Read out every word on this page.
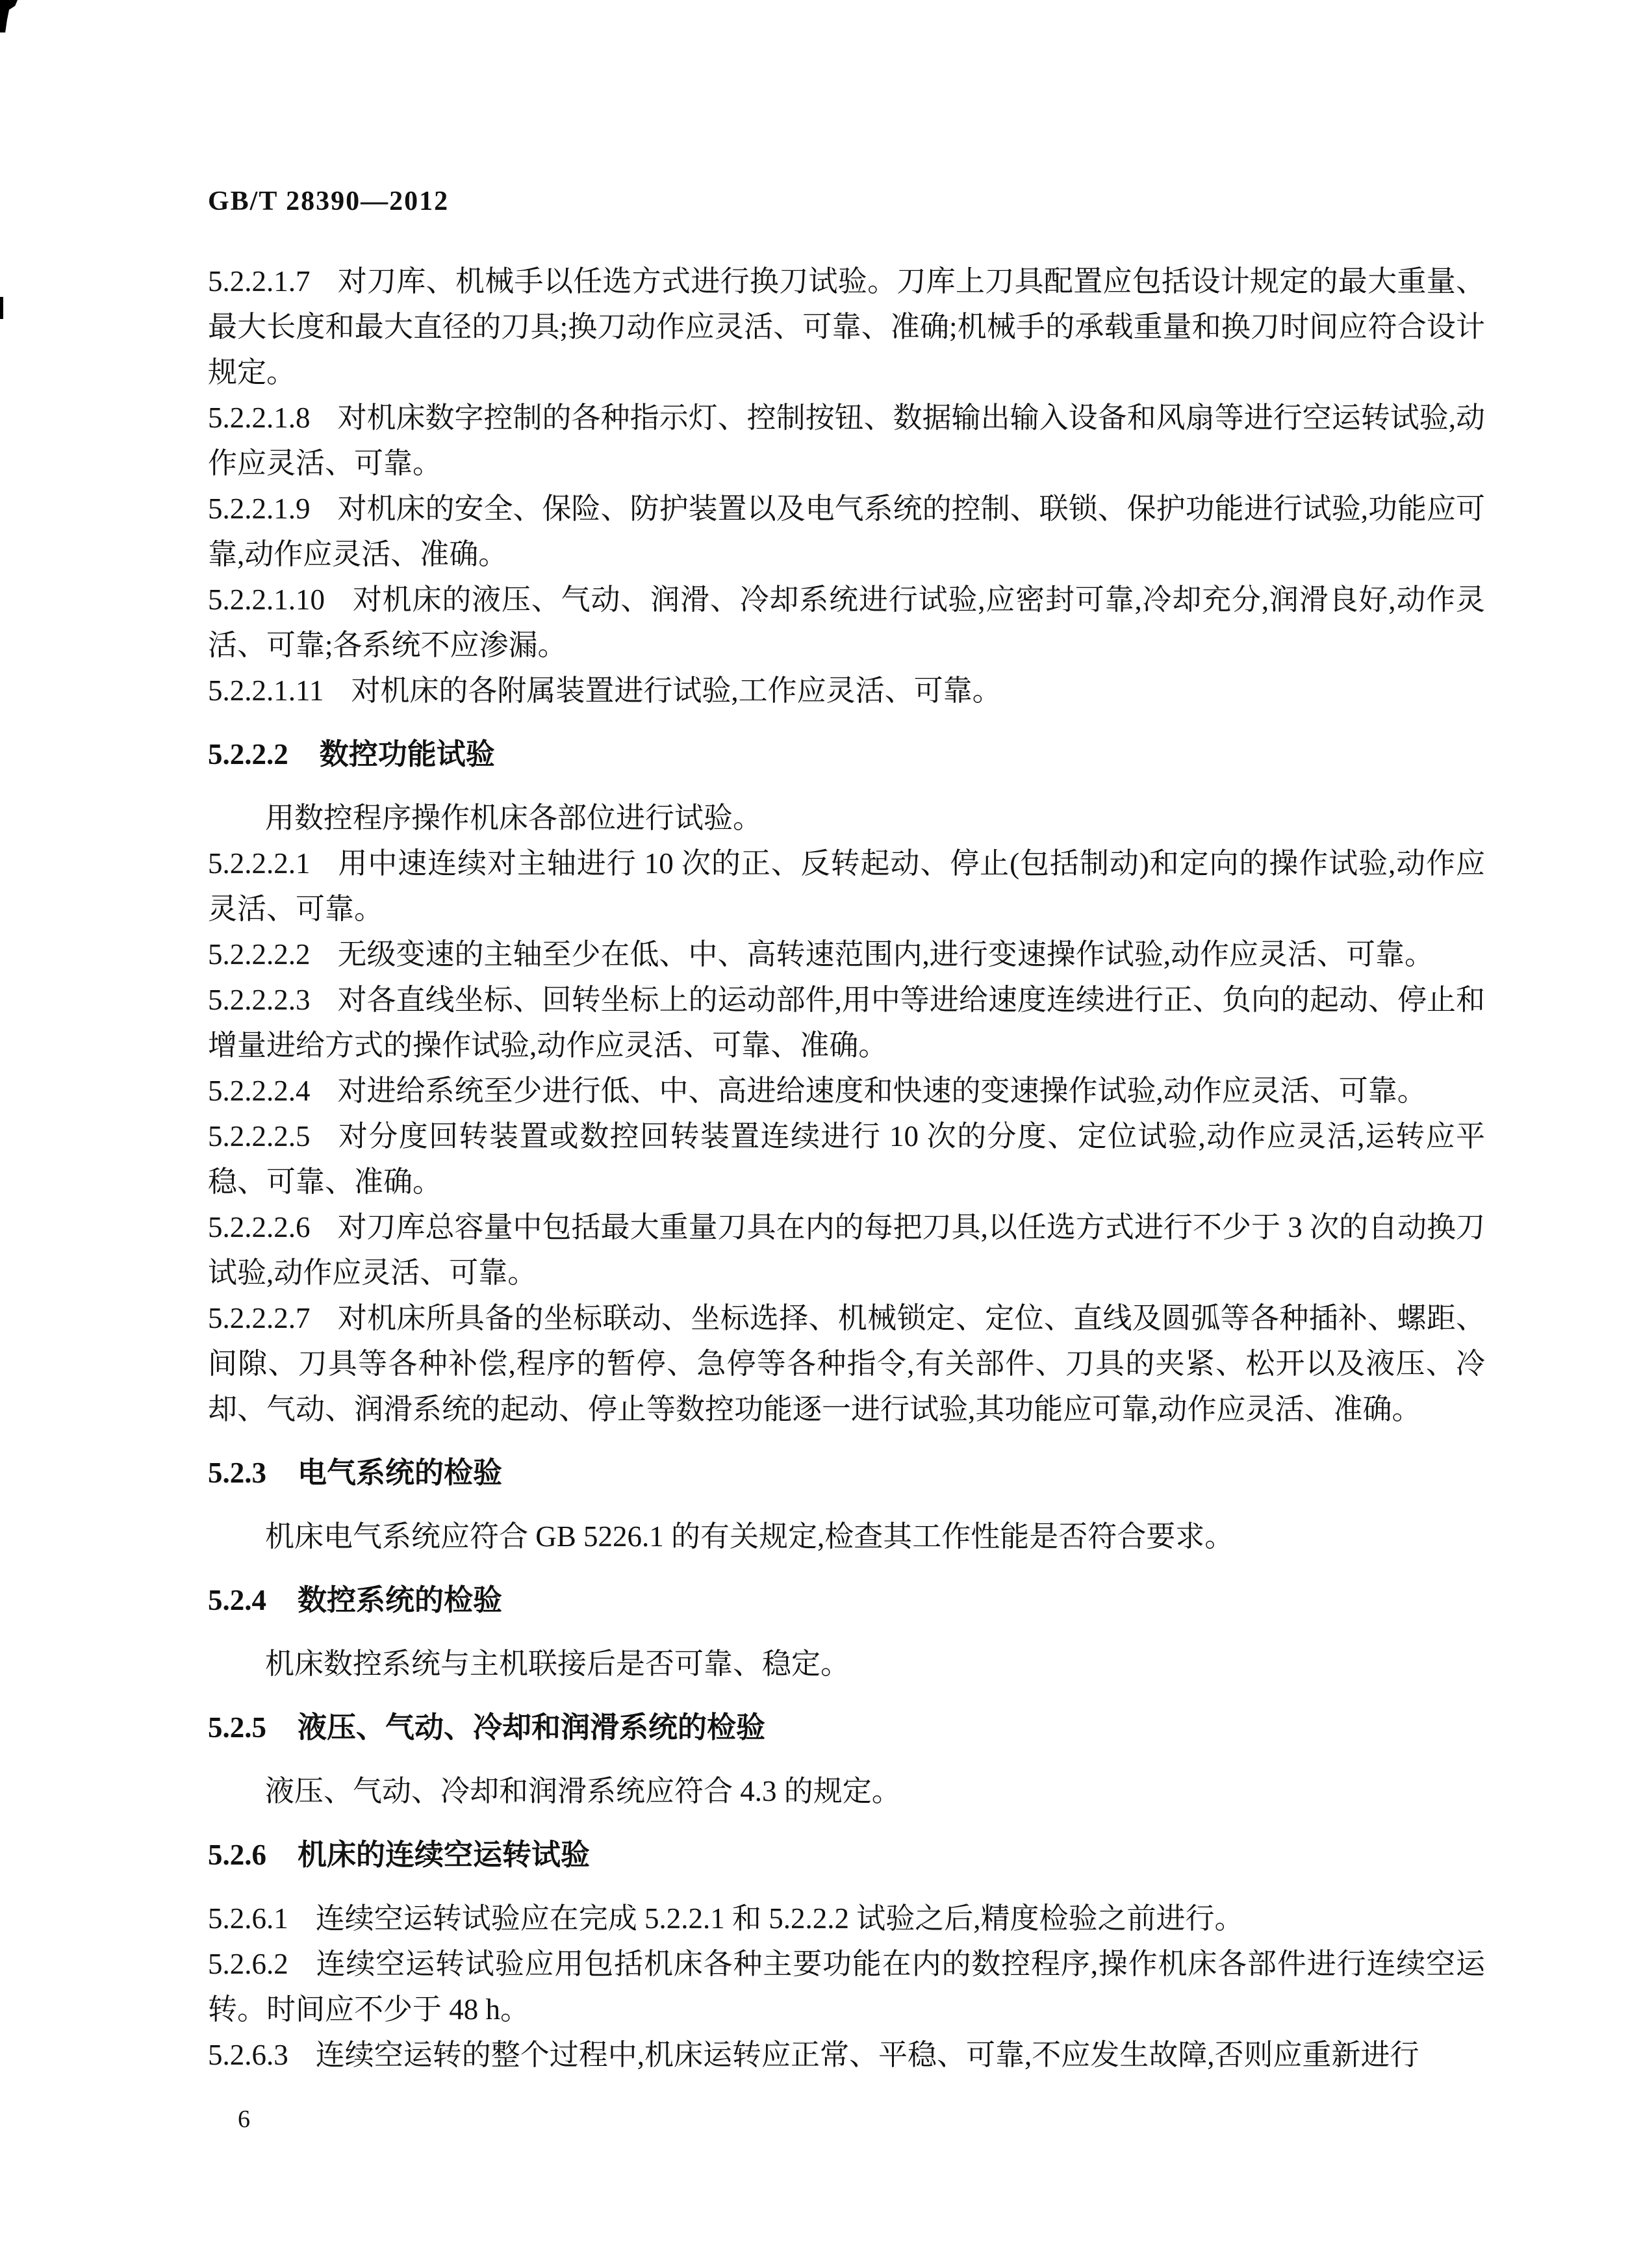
GB/T 28390—2012

5.2.2.1.7 对刀库、机械手以任选方式进行换刀试验。刀库上刀具配置应包括设计规定的最大重量、最大长度和最大直径的刀具;换刀动作应灵活、可靠、准确;机械手的承载重量和换刀时间应符合设计规定。

5.2.2.1.8 对机床数字控制的各种指示灯、控制按钮、数据输出输入设备和风扇等进行空运转试验,动作应灵活、可靠。

5.2.2.1.9 对机床的安全、保险、防护装置以及电气系统的控制、联锁、保护功能进行试验,功能应可靠,动作应灵活、准确。

5.2.2.1.10 对机床的液压、气动、润滑、冷却系统进行试验,应密封可靠,冷却充分,润滑良好,动作灵活、可靠;各系统不应渗漏。

5.2.2.1.11 对机床的各附属装置进行试验,工作应灵活、可靠。

5.2.2.2 数控功能试验

用数控程序操作机床各部位进行试验。

5.2.2.2.1 用中速连续对主轴进行 10 次的正、反转起动、停止(包括制动)和定向的操作试验,动作应灵活、可靠。

5.2.2.2.2 无级变速的主轴至少在低、中、高转速范围内,进行变速操作试验,动作应灵活、可靠。

5.2.2.2.3 对各直线坐标、回转坐标上的运动部件,用中等进给速度连续进行正、负向的起动、停止和增量进给方式的操作试验,动作应灵活、可靠、准确。

5.2.2.2.4 对进给系统至少进行低、中、高进给速度和快速的变速操作试验,动作应灵活、可靠。

5.2.2.2.5 对分度回转装置或数控回转装置连续进行 10 次的分度、定位试验,动作应灵活,运转应平稳、可靠、准确。

5.2.2.2.6 对刀库总容量中包括最大重量刀具在内的每把刀具,以任选方式进行不少于 3 次的自动换刀试验,动作应灵活、可靠。

5.2.2.2.7 对机床所具备的坐标联动、坐标选择、机械锁定、定位、直线及圆弧等各种插补、螺距、间隙、刀具等各种补偿,程序的暂停、急停等各种指令,有关部件、刀具的夹紧、松开以及液压、冷却、气动、润滑系统的起动、停止等数控功能逐一进行试验,其功能应可靠,动作应灵活、准确。

5.2.3 电气系统的检验

机床电气系统应符合 GB 5226.1 的有关规定,检查其工作性能是否符合要求。

5.2.4 数控系统的检验

机床数控系统与主机联接后是否可靠、稳定。

5.2.5 液压、气动、冷却和润滑系统的检验

液压、气动、冷却和润滑系统应符合 4.3 的规定。

5.2.6 机床的连续空运转试验

5.2.6.1 连续空运转试验应在完成 5.2.2.1 和 5.2.2.2 试验之后,精度检验之前进行。

5.2.6.2 连续空运转试验应用包括机床各种主要功能在内的数控程序,操作机床各部件进行连续空运转。时间应不少于 48 h。

5.2.6.3 连续空运转的整个过程中,机床运转应正常、平稳、可靠,不应发生故障,否则应重新进行

6
